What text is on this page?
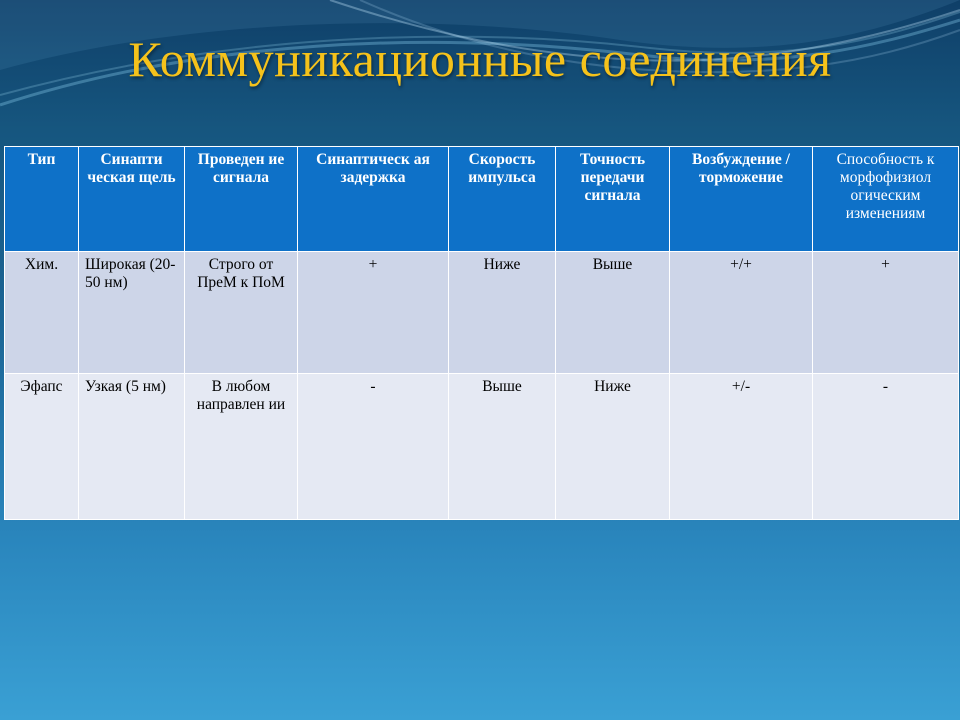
Коммуникационные соединения
Тип	Синапти ческая щель	Проведен ие сигнала	Синаптическ ая задержка	Скорость импульса	Точность передачи сигнала	Возбуждение /торможение	Способность к морфофизиол огическим изменениям
Хим.	Широкая (20-50 нм)	Строго от ПреМ к ПоМ	+	Ниже	Выше	+/+	+
Эфапс	Узкая (5 нм)	В любом направлен ии	-	Выше	Ниже	+/-	-
